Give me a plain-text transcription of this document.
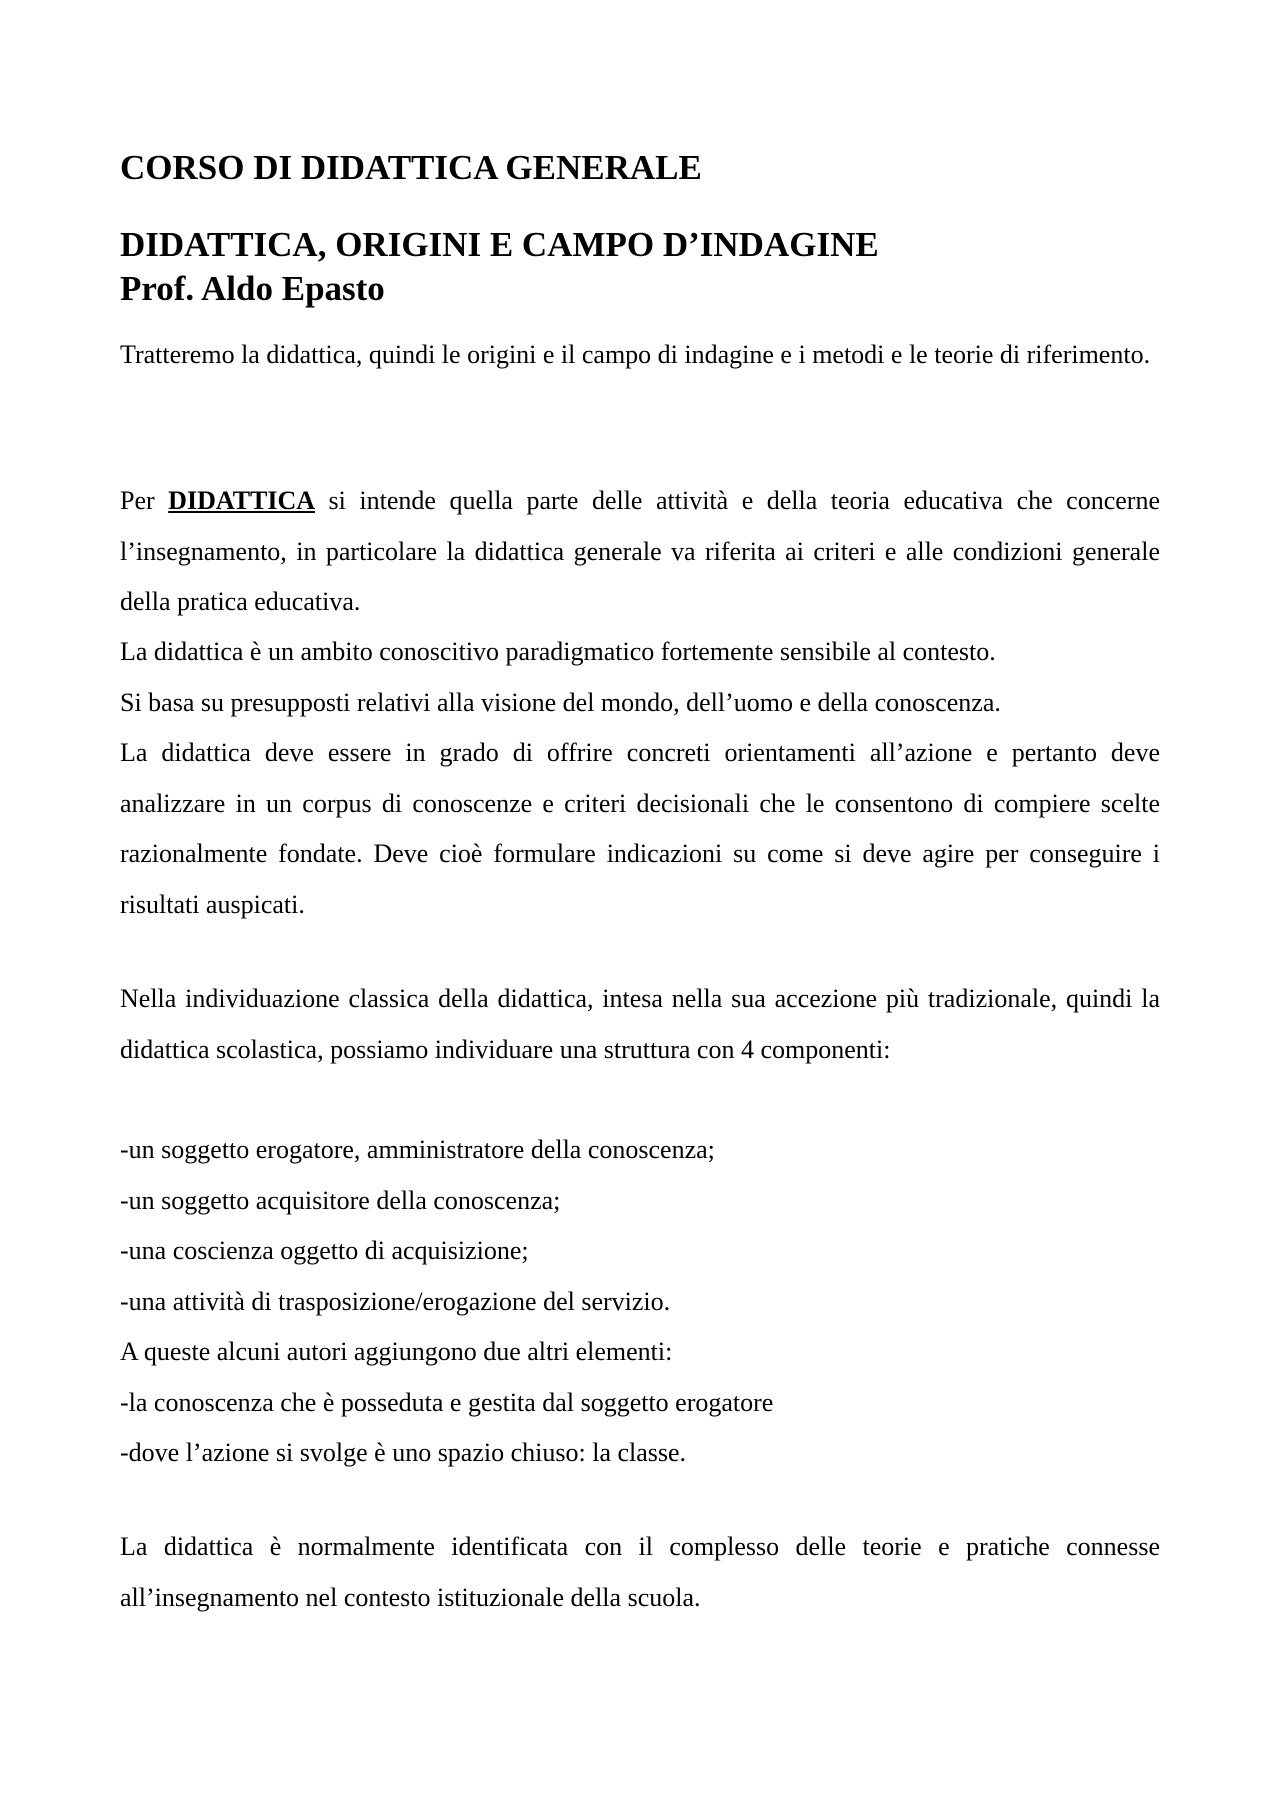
CORSO DI DIDATTICA GENERALE
DIDATTICA, ORIGINI E CAMPO D’INDAGINE
Prof. Aldo Epasto

Tratteremo la didattica, quindi le origini e il campo di indagine e i metodi e le teorie di riferimento.

Per DIDATTICA si intende quella parte delle attività e della teoria educativa che concerne l’insegnamento, in particolare la didattica generale va riferita ai criteri e alle condizioni generale della pratica educativa.

La didattica è un ambito conoscitivo paradigmatico fortemente sensibile al contesto.
Si basa su presupposti relativi alla visione del mondo, dell’uomo e della conoscenza.

La didattica deve essere in grado di offrire concreti orientamenti all’azione e pertanto deve analizzare in un corpus di conoscenze e criteri decisionali che le consentono di compiere scelte razionalmente fondate. Deve cioè formulare indicazioni su come si deve agire per conseguire i risultati auspicati.

Nella individuazione classica della didattica, intesa nella sua accezione più tradizionale, quindi la didattica scolastica, possiamo individuare una struttura con 4 componenti:

-un soggetto erogatore, amministratore della conoscenza;
-un soggetto acquisitore della conoscenza;
-una coscienza oggetto di acquisizione;
-una attività di trasposizione/erogazione del servizio.
A queste alcuni autori aggiungono due altri elementi:
-la conoscenza che è posseduta e gestita dal soggetto erogatore
-dove l’azione si svolge è uno spazio chiuso: la classe.

La didattica è normalmente identificata con il complesso delle teorie e pratiche connesse all’insegnamento nel contesto istituzionale della scuola.
